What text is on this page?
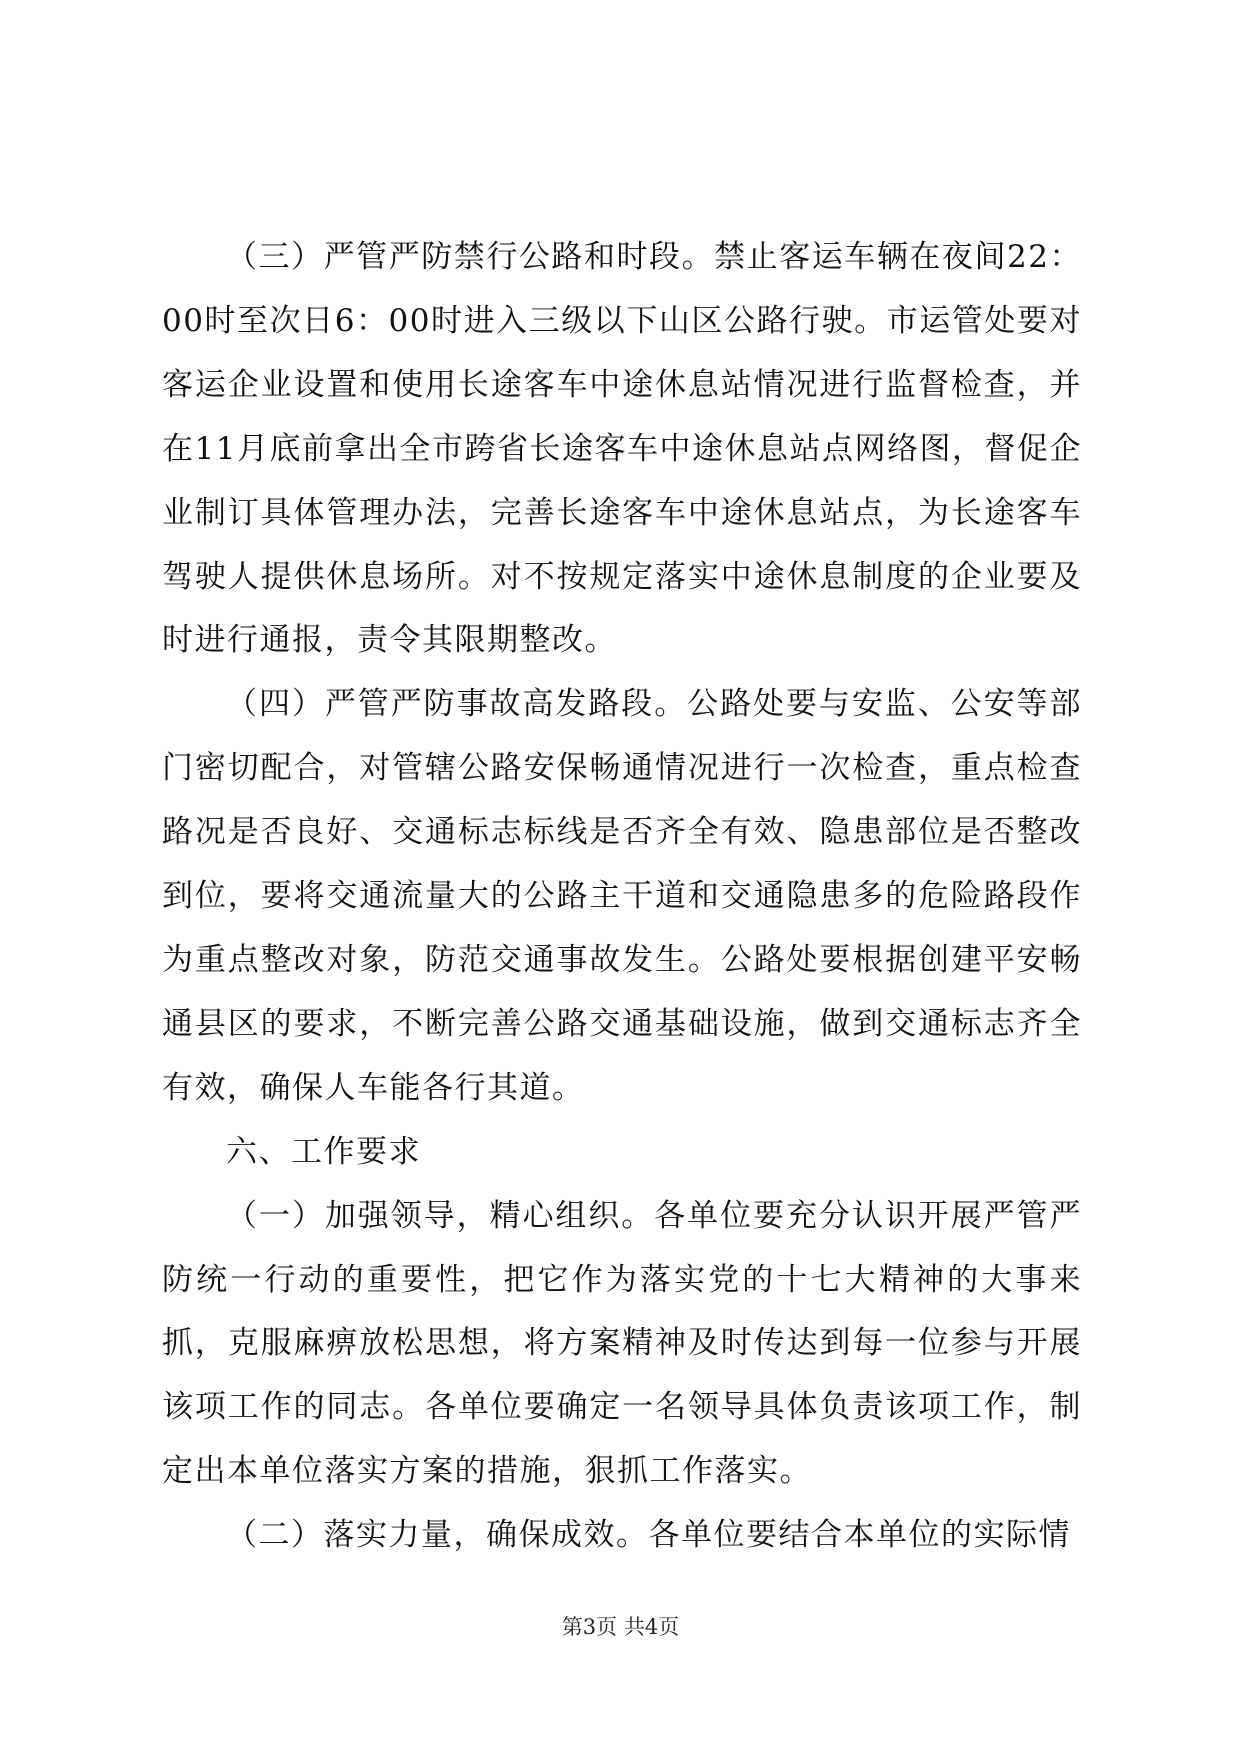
（三）严管严防禁行公路和时段。禁止客运车辆在夜间22：00时至次日6：00时进入三级以下山区公路行驶。市运管处要对客运企业设置和使用长途客车中途休息站情况进行监督检查，并在11月底前拿出全市跨省长途客车中途休息站点网络图，督促企业制订具体管理办法，完善长途客车中途休息站点，为长途客车驾驶人提供休息场所。对不按规定落实中途休息制度的企业要及时进行通报，责令其限期整改。

（四）严管严防事故高发路段。公路处要与安监、公安等部门密切配合，对管辖公路安保畅通情况进行一次检查，重点检查路况是否良好、交通标志标线是否齐全有效、隐患部位是否整改到位，要将交通流量大的公路主干道和交通隐患多的危险路段作为重点整改对象，防范交通事故发生。公路处要根据创建平安畅通县区的要求，不断完善公路交通基础设施，做到交通标志齐全有效，确保人车能各行其道。

六、工作要求

（一）加强领导，精心组织。各单位要充分认识开展严管严防统一行动的重要性，把它作为落实党的十七大精神的大事来抓，克服麻痹放松思想，将方案精神及时传达到每一位参与开展该项工作的同志。各单位要确定一名领导具体负责该项工作，制定出本单位落实方案的措施，狠抓工作落实。

（二）落实力量，确保成效。各单位要结合本单位的实际情

第3页 共4页
